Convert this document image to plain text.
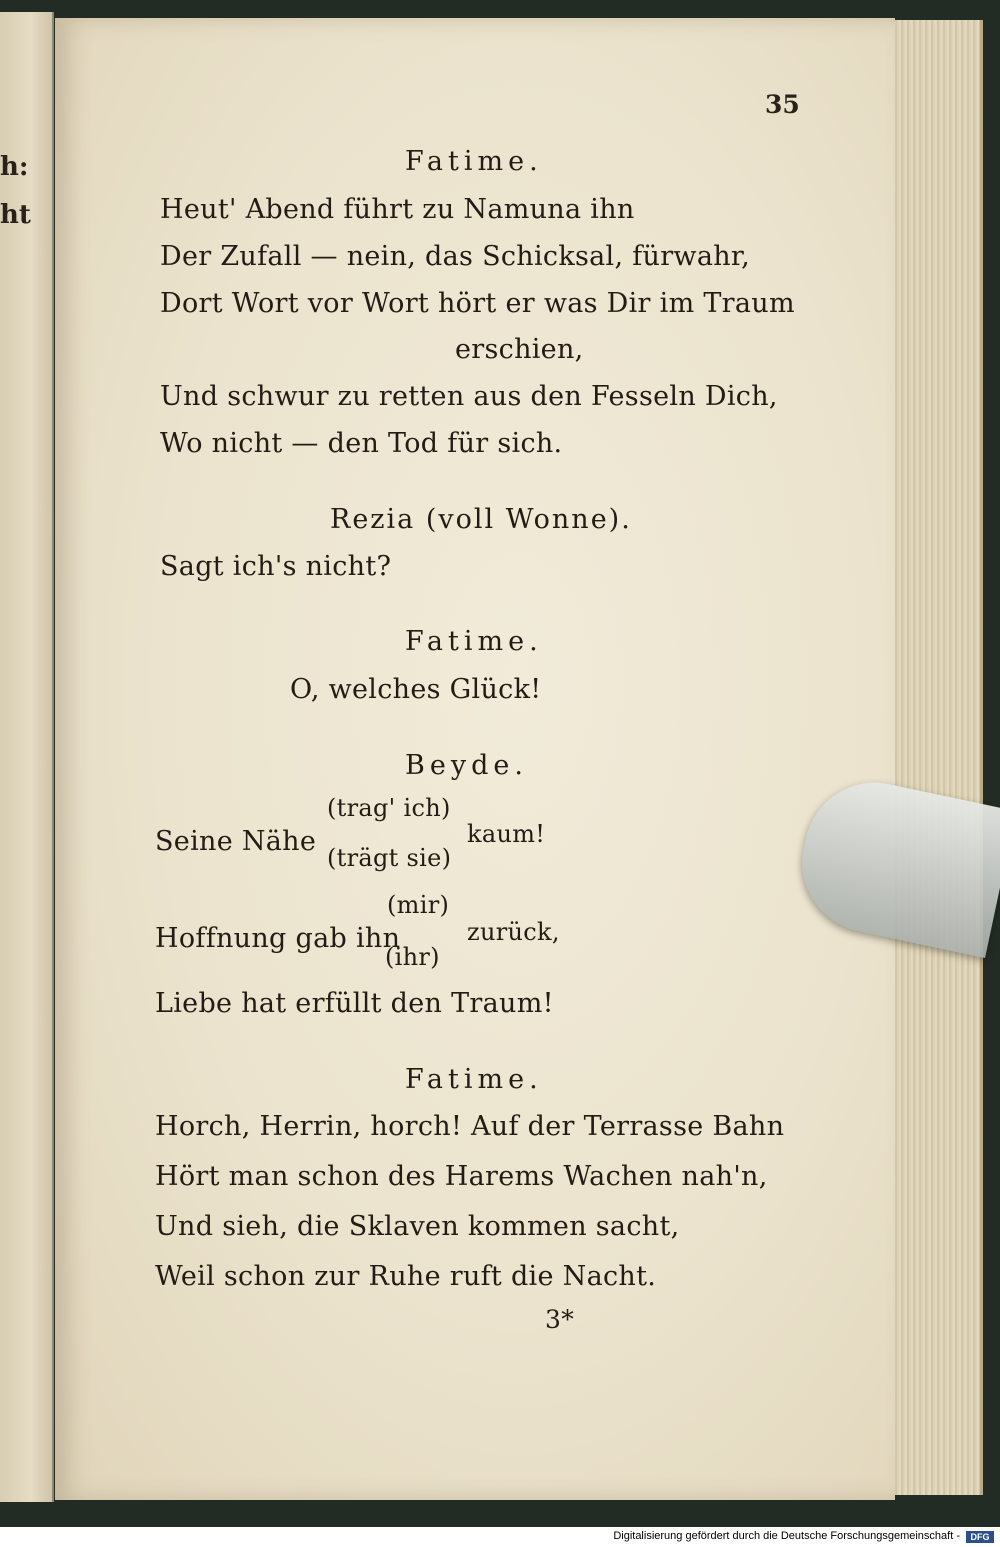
h:
ht
35
Fatime.
Heut' Abend führt zu Namuna ihn
Der Zufall — nein, das Schicksal, fürwahr,
Dort Wort vor Wort hört er was Dir im Traum
erschien,
Und schwur zu retten aus den Fesseln Dich,
Wo nicht — den Tod für sich.
Rezia (voll Wonne).
Sagt ich's nicht?
Fatime.
O, welches Glück!
Beyde.
Seine Nähe
(trag' ich)
(trägt sie)
kaum!
Hoffnung gab ihn
(mir)
(ihr)
zurück,
Liebe hat erfüllt den Traum!
Fatime.
Horch, Herrin, horch! Auf der Terrasse Bahn
Hört man schon des Harems Wachen nah'n,
Und sieh, die Sklaven kommen sacht,
Weil schon zur Ruhe ruft die Nacht.
3*
Digitalisierung gefördert durch die Deutsche Forschungsgemeinschaft -	DFG
